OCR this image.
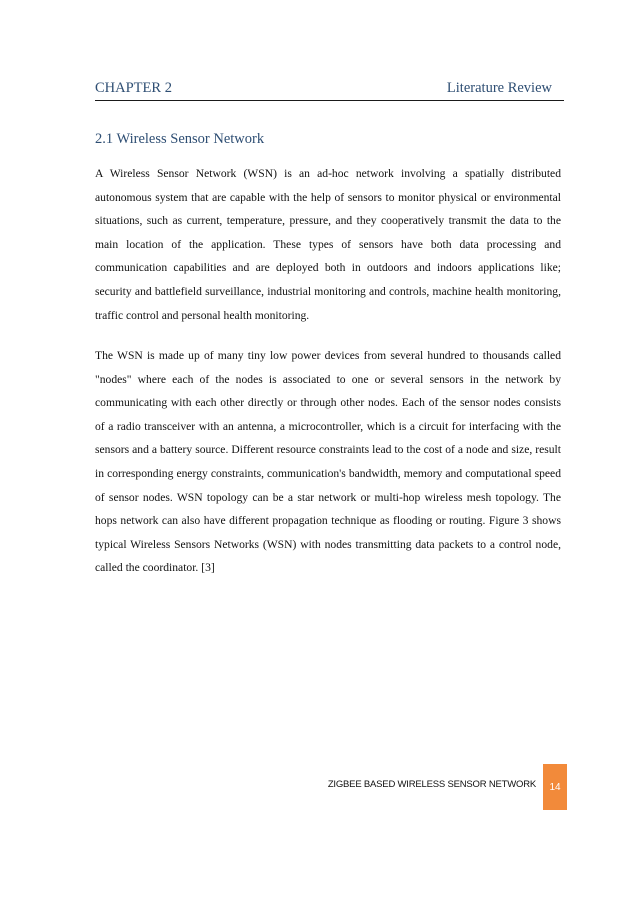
CHAPTER 2	Literature Review
2.1 Wireless Sensor Network

A Wireless Sensor Network (WSN) is an ad-hoc network involving a spatially distributed autonomous system that are capable with the help of sensors to monitor physical or environmental situations, such as current, temperature, pressure, and they cooperatively transmit the data to the main location of the application. These types of sensors have both data processing and communication capabilities and are deployed both in outdoors and indoors applications like; security and battlefield surveillance, industrial monitoring and controls, machine health monitoring, traffic control and personal health monitoring.

The WSN is made up of many tiny low power devices from several hundred to thousands called "nodes" where each of the nodes is associated to one or several sensors in the network by communicating with each other directly or through other nodes. Each of the sensor nodes consists of a radio transceiver with an antenna, a microcontroller, which is a circuit for interfacing with the sensors and a battery source. Different resource constraints lead to the cost of a node and size, result in corresponding energy constraints, communication's bandwidth, memory and computational speed of sensor nodes. WSN topology can be a star network or multi-hop wireless mesh topology. The hops network can also have different propagation technique as flooding or routing. Figure 3 shows typical Wireless Sensors Networks (WSN) with nodes transmitting data packets to a control node, called the coordinator. [3]

ZIGBEE BASED WIRELESS SENSOR NETWORK	14
